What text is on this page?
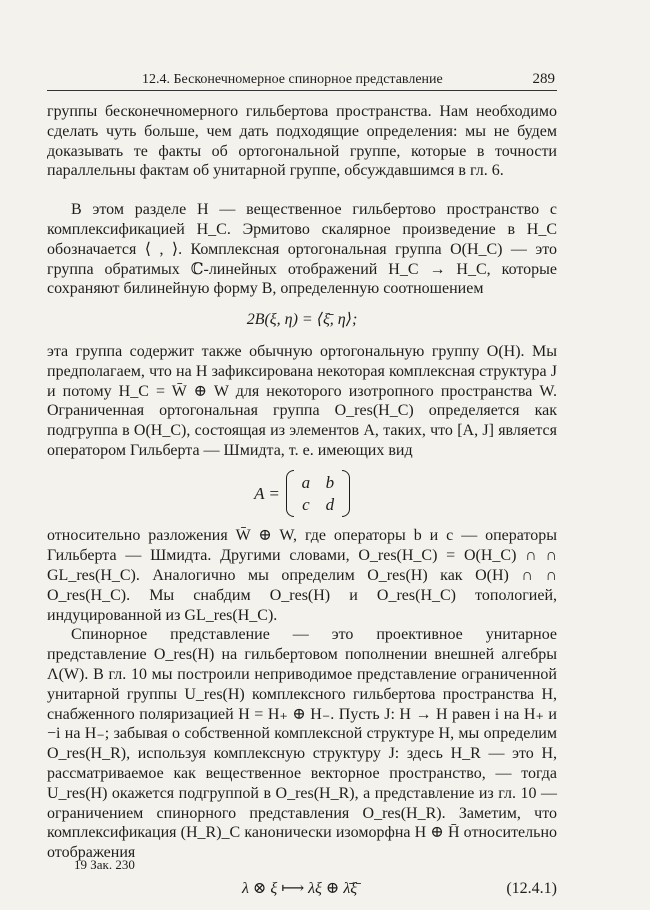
12.4. Бесконечномерное спинорное представление	289

группы бесконечномерного гильбертова пространства. Нам необходимо сделать чуть больше, чем дать подходящие определения: мы не будем доказывать те факты об ортогональной группе, которые в точности параллельны фактам об унитарной группе, обсуждавшимся в гл. 6.

В этом разделе H — вещественное гильбертово пространство с комплексификацией H_C. Эрмитово скалярное произведение в H_C обозначается ⟨ , ⟩. Комплексная ортогональная группа O(H_C) — это группа обратимых ℂ-линейных отображений H_C → H_C, которые сохраняют билинейную форму B, определенную соотношением

2B(ξ, η) = ⟨ξ̄, η⟩;

эта группа содержит также обычную ортогональную группу O(H). Мы предполагаем, что на H зафиксирована некоторая комплексная структура J и потому H_C = W̄ ⊕ W для некоторого изотропного пространства W. Ограниченная ортогональная группа O_res(H_C) определяется как подгруппа в O(H_C), состоящая из элементов A, таких, что [A, J] является оператором Гильберта — Шмидта, т. е. имеющих вид

A =
a b
c d

относительно разложения W̄ ⊕ W, где операторы b и c — операторы Гильберта — Шмидта. Другими словами, O_res(H_C) = O(H_C) ∩ ∩ GL_res(H_C). Аналогично мы определим O_res(H) как O(H) ∩ ∩ O_res(H_C). Мы снабдим O_res(H) и O_res(H_C) топологией, индуцированной из GL_res(H_C).

Спинорное представление — это проективное унитарное представление O_res(H) на гильбертовом пополнении внешней алгебры Λ(W). В гл. 10 мы построили неприводимое представление ограниченной унитарной группы U_res(H) комплексного гильбертова пространства H, снабженного поляризацией H = H₊ ⊕ H₋. Пусть J: H → H равен i на H₊ и −i на H₋; забывая о собственной комплексной структуре H, мы определим O_res(H_R), используя комплексную структуру J: здесь H_R — это H, рассматриваемое как вещественное векторное пространство, — тогда U_res(H) окажется подгруппой в O_res(H_R), а представление из гл. 10 — ограничением спинорного представления O_res(H_R). Заметим, что комплексификация (H_R)_C канонически изоморфна H ⊕ H̄ относительно отображения

λ ⊗ ξ ⟼ λξ ⊕ λ̄ξ̄	(12.4.1)
19 Зак. 230
